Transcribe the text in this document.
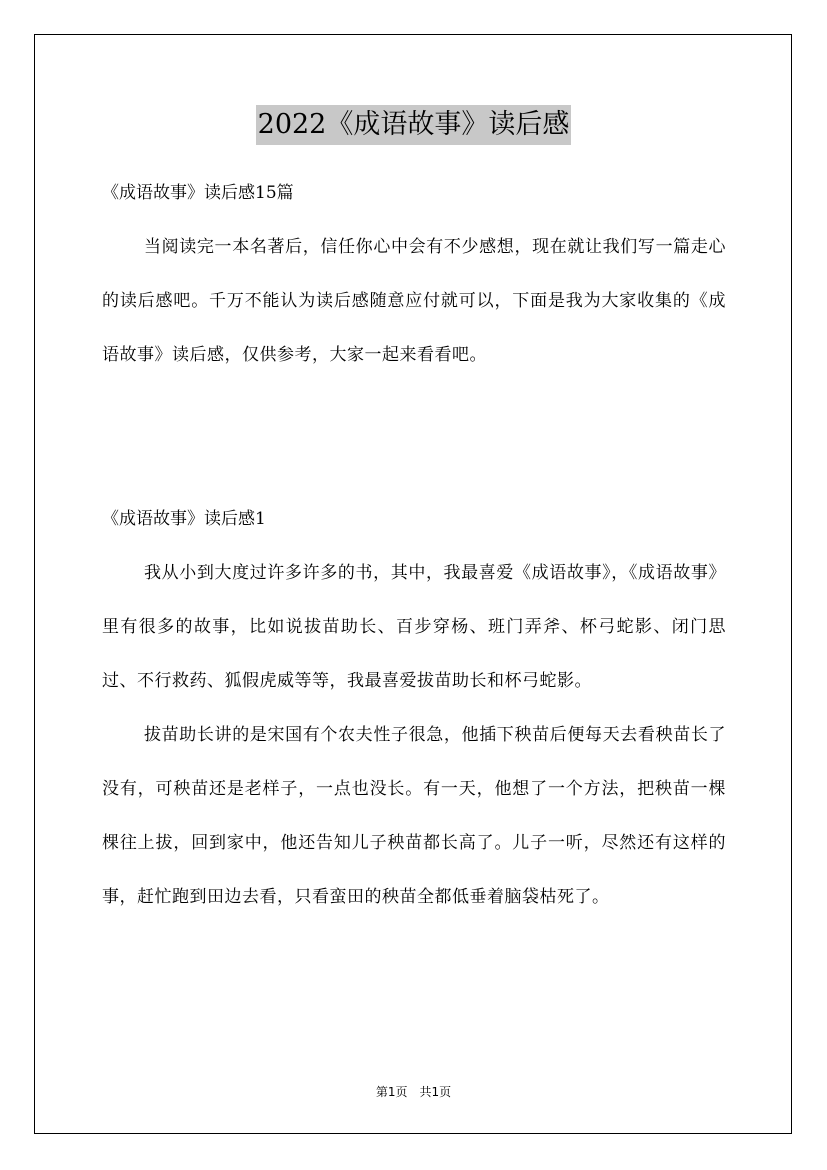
2022《成语故事》读后感

《成语故事》读后感15篇

当阅读完一本名著后，信任你心中会有不少感想，现在就让我们写一篇走心的读后感吧。千万不能认为读后感随意应付就可以，下面是我为大家收集的《成语故事》读后感，仅供参考，大家一起来看看吧。

《成语故事》读后感1

我从小到大度过许多许多的书，其中，我最喜爱《成语故事》，《成语故事》里有很多的故事，比如说拔苗助长、百步穿杨、班门弄斧、杯弓蛇影、闭门思过、不行救药、狐假虎威等等，我最喜爱拔苗助长和杯弓蛇影。

拔苗助长讲的是宋国有个农夫性子很急，他插下秧苗后便每天去看秧苗长了没有，可秧苗还是老样子，一点也没长。有一天，他想了一个方法，把秧苗一棵棵往上拔，回到家中，他还告知儿子秧苗都长高了。儿子一听，尽然还有这样的事，赶忙跑到田边去看，只看蛮田的秧苗全都低垂着脑袋枯死了。

第1页　共1页
